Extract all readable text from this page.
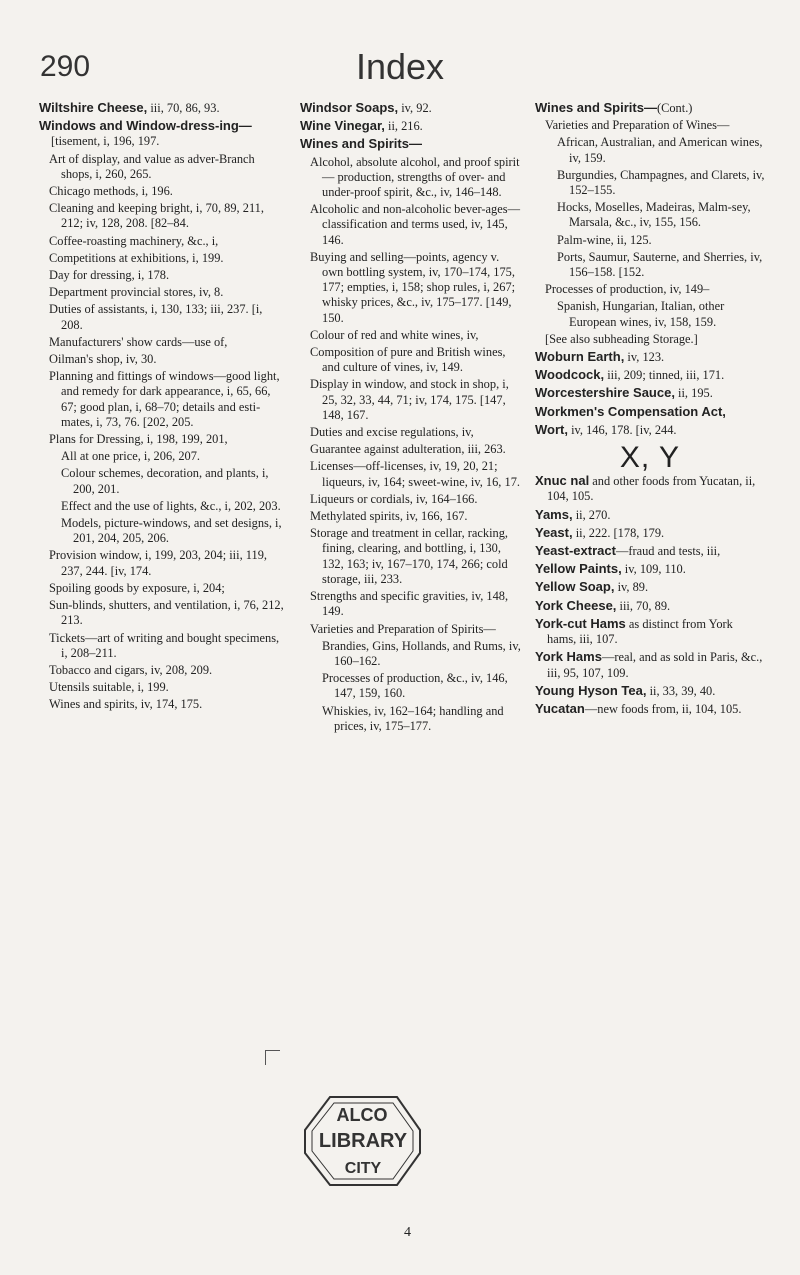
290	Index
Wiltshire Cheese, iii, 70, 86, 93.
Windows and Window-dress-ing— [tisement, i, 196, 197.
Art of display, and value as adver-Branch shops, i, 260, 265.
Chicago methods, i, 196.
Cleaning and keeping bright, i, 70, 89, 211, 212; iv, 128, 208. [82–84.
Coffee-roasting machinery, &c., i,
Competitions at exhibitions, i, 199.
Day for dressing, i, 178.
Department provincial stores, iv, 8.
Duties of assistants, i, 130, 133; iii, 237. [i, 208.
Manufacturers' show cards—use of,
Oilman's shop, iv, 30.
Planning and fittings of windows—good light, and remedy for dark appearance, i, 65, 66, 67; good plan, i, 68–70; details and esti-mates, i, 73, 76. [202, 205.
Plans for Dressing, i, 198, 199, 201,
All at one price, i, 206, 207.
Colour schemes, decoration, and plants, i, 200, 201.
Effect and the use of lights, &c., i, 202, 203.
Models, picture-windows, and set designs, i, 201, 204, 205, 206.
Provision window, i, 199, 203, 204; iii, 119, 237, 244. [iv, 174.
Spoiling goods by exposure, i, 204;
Sun-blinds, shutters, and ventilation, i, 76, 212, 213.
Tickets—art of writing and bought specimens, i, 208–211.
Tobacco and cigars, iv, 208, 209.
Utensils suitable, i, 199.
Wines and spirits, iv, 174, 175.
Windsor Soaps, iv, 92.
Wine Vinegar, ii, 216.
Wines and Spirits—
Alcohol, absolute alcohol, and proof spirit — production, strengths of over- and under-proof spirit, &c., iv, 146–148.
Alcoholic and non-alcoholic bever-ages—classification and terms used, iv, 145, 146.
Buying and selling—points, agency v. own bottling system, iv, 170–174, 175, 177; empties, i, 158; shop rules, i, 267; whisky prices, &c., iv, 175–177. [149, 150.
Colour of red and white wines, iv,
Composition of pure and British wines, and culture of vines, iv, 149.
Display in window, and stock in shop, i, 25, 32, 33, 44, 71; iv, 174, 175. [147, 148, 167.
Duties and excise regulations, iv,
Guarantee against adulteration, iii, 263.
Licenses—off-licenses, iv, 19, 20, 21; liqueurs, iv, 164; sweet-wine, iv, 16, 17.
Liqueurs or cordials, iv, 164–166.
Methylated spirits, iv, 166, 167.
Storage and treatment in cellar, racking, fining, clearing, and bottling, i, 130, 132, 163; iv, 167–170, 174, 266; cold storage, iii, 233.
Strengths and specific gravities, iv, 148, 149.
Varieties and Preparation of Spirits—
Brandies, Gins, Hollands, and Rums, iv, 160–162.
Processes of production, &c., iv, 146, 147, 159, 160.
Whiskies, iv, 162–164; handling and prices, iv, 175–177.
Wines and Spirits—(Cont.)
Varieties and Preparation of Wines—
African, Australian, and American wines, iv, 159.
Burgundies, Champagnes, and Clarets, iv, 152–155.
Hocks, Moselles, Madeiras, Malm-sey, Marsala, &c., iv, 155, 156.
Palm-wine, ii, 125.
Ports, Saumur, Sauterne, and Sherries, iv, 156–158. [152.
Processes of production, iv, 149–
Spanish, Hungarian, Italian, other European wines, iv, 158, 159.
[See also subheading Storage.]
Woburn Earth, iv, 123.
Woodcock, iii, 209; tinned, iii, 171.
Worcestershire Sauce, ii, 195.
Workmen's Compensation Act,
Wort, iv, 146, 178. [iv, 244.
X, Y
Xnuc nal and other foods from Yucatan, ii, 104, 105.
Yams, ii, 270.
Yeast, ii, 222. [178, 179.
Yeast-extract—fraud and tests, iii,
Yellow Paints, iv, 109, 110.
Yellow Soap, iv, 89.
York Cheese, iii, 70, 89.
York-cut Hams as distinct from York hams, iii, 107.
York Hams—real, and as sold in Paris, &c., iii, 95, 107, 109.
Young Hyson Tea, ii, 33, 39, 40.
Yucatan—new foods from, ii, 104, 105.
ALCO
LIBRARY
CITY
4
